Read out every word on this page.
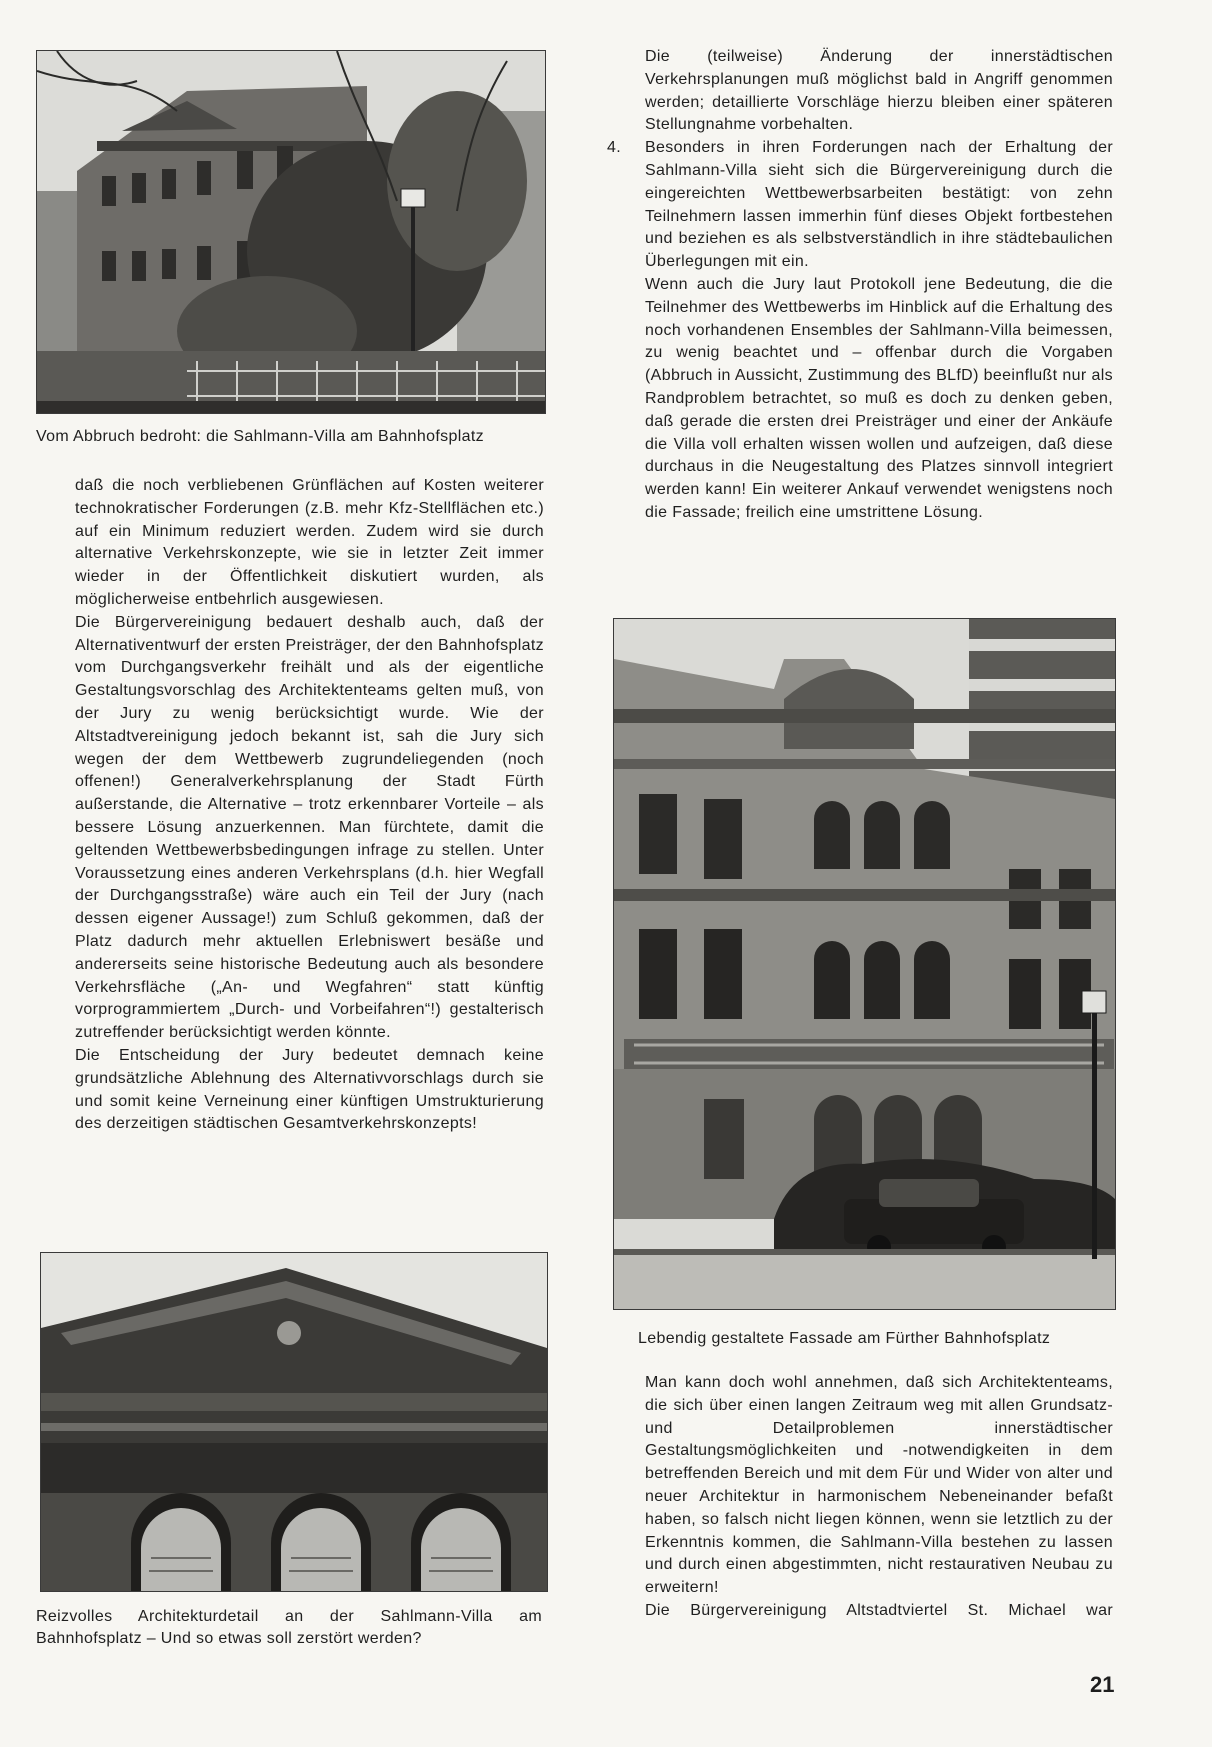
Vom Abbruch bedroht: die Sahlmann-Villa am Bahnhofsplatz

daß die noch verbliebenen Grünflächen auf Kosten weiterer technokratischer Forderungen (z.B. mehr Kfz-Stellflächen etc.) auf ein Minimum reduziert werden. Zudem wird sie durch alternative Verkehrskonzepte, wie sie in letzter Zeit immer wieder in der Öffentlichkeit diskutiert wurden, als möglicherweise entbehrlich ausgewiesen.

Die Bürgervereinigung bedauert deshalb auch, daß der Alternativentwurf der ersten Preisträger, der den Bahnhofsplatz vom Durchgangsverkehr freihält und als der eigentliche Gestaltungsvorschlag des Architektenteams gelten muß, von der Jury zu wenig berücksichtigt wurde. Wie der Altstadtvereinigung jedoch bekannt ist, sah die Jury sich wegen der dem Wettbewerb zugrundeliegenden (noch offenen!) Generalverkehrsplanung der Stadt Fürth außerstande, die Alternative – trotz erkennbarer Vorteile – als bessere Lösung anzuerkennen. Man fürchtete, damit die geltenden Wettbewerbsbedingungen infrage zu stellen. Unter Voraussetzung eines anderen Verkehrsplans (d.h. hier Wegfall der Durchgangsstraße) wäre auch ein Teil der Jury (nach dessen eigener Aussage!) zum Schluß gekommen, daß der Platz dadurch mehr aktuellen Erlebniswert besäße und andererseits seine historische Bedeutung auch als besondere Verkehrsfläche („An- und Wegfahren“ statt künftig vorprogrammiertem „Durch- und Vorbeifahren“!) gestalterisch zutreffender berücksichtigt werden könnte.

Die Entscheidung der Jury bedeutet demnach keine grundsätzliche Ablehnung des Alternativvorschlags durch sie und somit keine Verneinung einer künftigen Umstrukturierung des derzeitigen städtischen Gesamtverkehrskonzepts!

Reizvolles Architekturdetail an der Sahlmann-Villa am Bahnhofsplatz – Und so etwas soll zerstört werden?

Die (teilweise) Änderung der innerstädtischen Verkehrsplanungen muß möglichst bald in Angriff genommen werden; detaillierte Vorschläge hierzu bleiben einer späteren Stellungnahme vorbehalten.

4. Besonders in ihren Forderungen nach der Erhaltung der Sahlmann-Villa sieht sich die Bürgervereinigung durch die eingereichten Wettbewerbsarbeiten bestätigt: von zehn Teilnehmern lassen immerhin fünf dieses Objekt fortbestehen und beziehen es als selbstverständlich in ihre städtebaulichen Überlegungen mit ein.

Wenn auch die Jury laut Protokoll jene Bedeutung, die die Teilnehmer des Wettbewerbs im Hinblick auf die Erhaltung des noch vorhandenen Ensembles der Sahlmann-Villa beimessen, zu wenig beachtet und – offenbar durch die Vorgaben (Abbruch in Aussicht, Zustimmung des BLfD) beeinflußt nur als Randproblem betrachtet, so muß es doch zu denken geben, daß gerade die ersten drei Preisträger und einer der Ankäufe die Villa voll erhalten wissen wollen und aufzeigen, daß diese durchaus in die Neugestaltung des Platzes sinnvoll integriert werden kann! Ein weiterer Ankauf verwendet wenigstens noch die Fassade; freilich eine umstrittene Lösung.

Lebendig gestaltete Fassade am Fürther Bahnhofsplatz

Man kann doch wohl annehmen, daß sich Architektenteams, die sich über einen langen Zeitraum weg mit allen Grundsatz- und Detailproblemen innerstädtischer Gestaltungsmöglichkeiten und -notwendigkeiten in dem betreffenden Bereich und mit dem Für und Wider von alter und neuer Architektur in harmonischem Nebeneinander befaßt haben, so falsch nicht liegen können, wenn sie letztlich zu der Erkenntnis kommen, die Sahlmann-Villa bestehen zu lassen und durch einen abgestimmten, nicht restaurativen Neubau zu erweitern!

Die Bürgervereinigung Altstadtviertel St. Michael war

21
